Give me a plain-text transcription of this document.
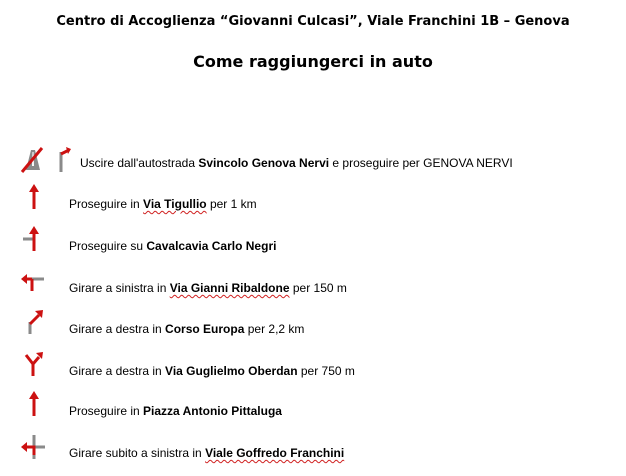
Centro di Accoglienza “Giovanni Culcasi”, Viale Franchini 1B – Genova
Come raggiungerci in auto
Uscire dall'autostrada Svincolo Genova Nervi e proseguire per GENOVA NERVI
Proseguire in Via Tigullio per 1 km
Proseguire su Cavalcavia Carlo Negri
Girare a sinistra in Via Gianni Ribaldone per 150 m
Girare a destra in Corso Europa per 2,2 km
Girare a destra in Via Guglielmo Oberdan per 750 m
Proseguire in Piazza Antonio Pittaluga
Girare subito a sinistra in Viale Goffredo Franchini
